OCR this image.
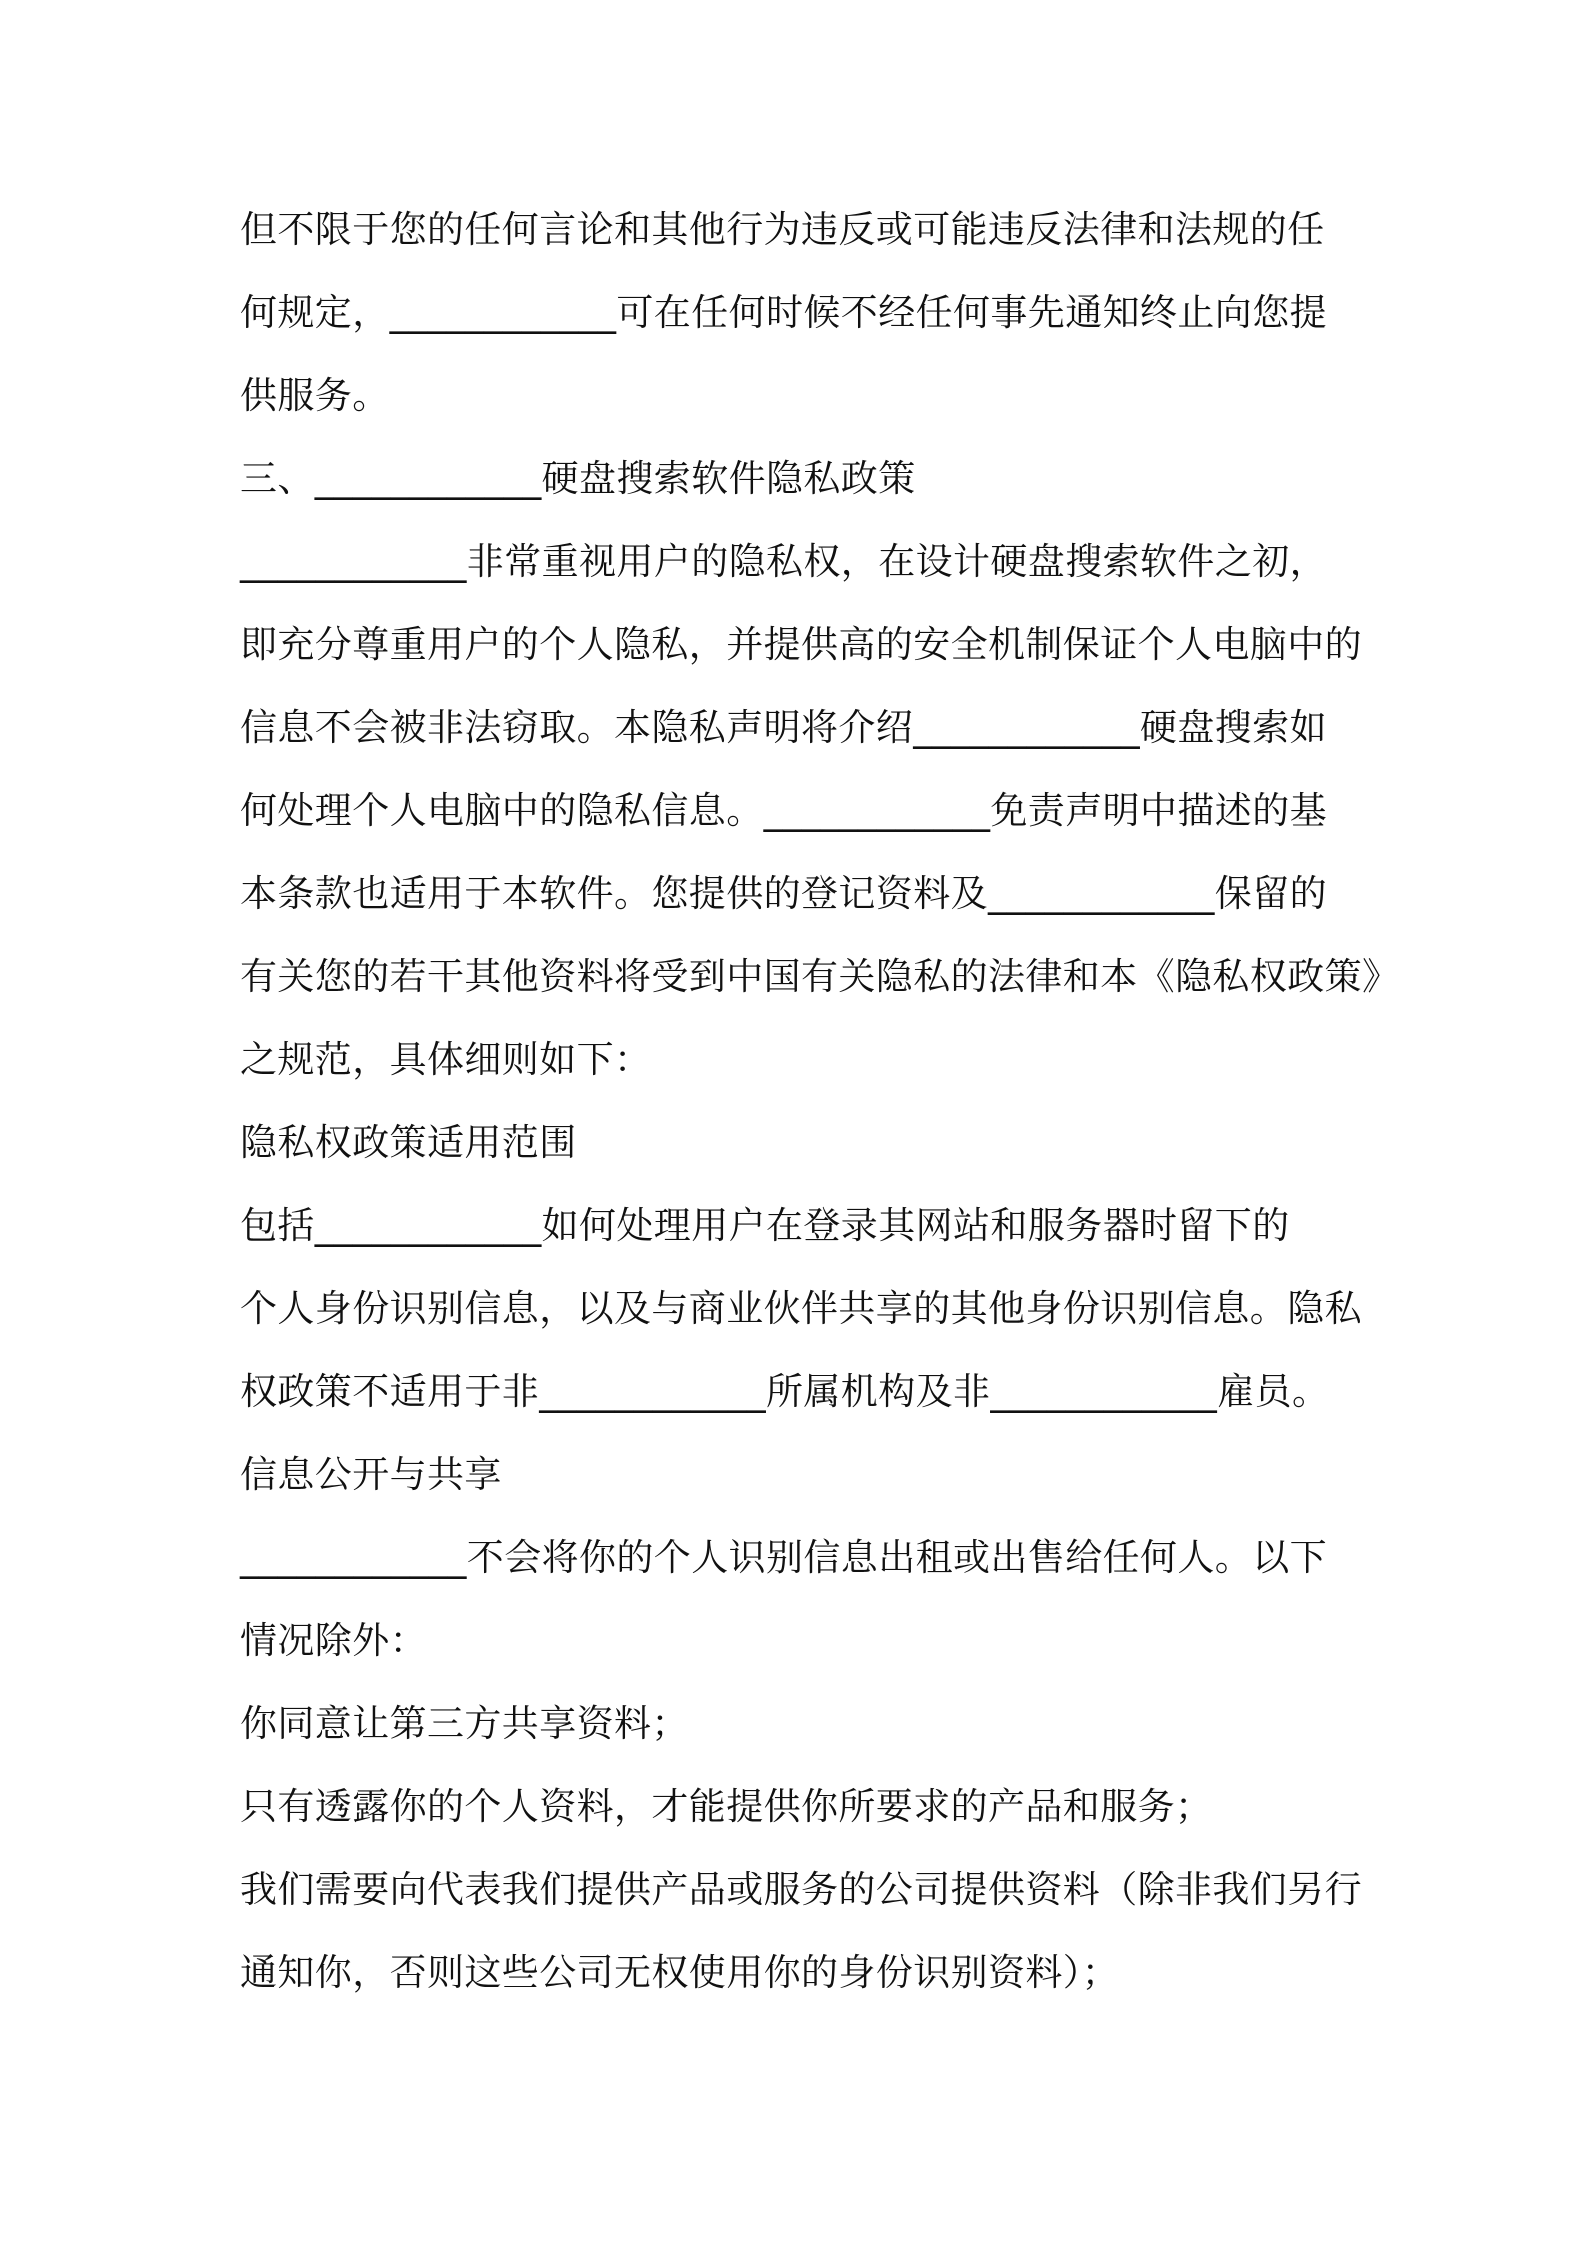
但不限于您的任何言论和其他行为违反或可能违反法律和法规的任
何规定，____________可在任何时候不经任何事先通知终止向您提
供服务。
三、____________硬盘搜索软件隐私政策
____________非常重视用户的隐私权，在设计硬盘搜索软件之初，
即充分尊重用户的个人隐私，并提供高的安全机制保证个人电脑中的
信息不会被非法窃取。本隐私声明将介绍____________硬盘搜索如
何处理个人电脑中的隐私信息。____________免责声明中描述的基
本条款也适用于本软件。您提供的登记资料及____________保留的
有关您的若干其他资料将受到中国有关隐私的法律和本《隐私权政策》
之规范，具体细则如下：
隐私权政策适用范围
包括____________如何处理用户在登录其网站和服务器时留下的
个人身份识别信息，以及与商业伙伴共享的其他身份识别信息。隐私
权政策不适用于非____________所属机构及非____________雇员。
信息公开与共享
____________不会将你的个人识别信息出租或出售给任何人。以下
情况除外：
你同意让第三方共享资料；
只有透露你的个人资料，才能提供你所要求的产品和服务；
我们需要向代表我们提供产品或服务的公司提供资料（除非我们另行
通知你，否则这些公司无权使用你的身份识别资料）；
